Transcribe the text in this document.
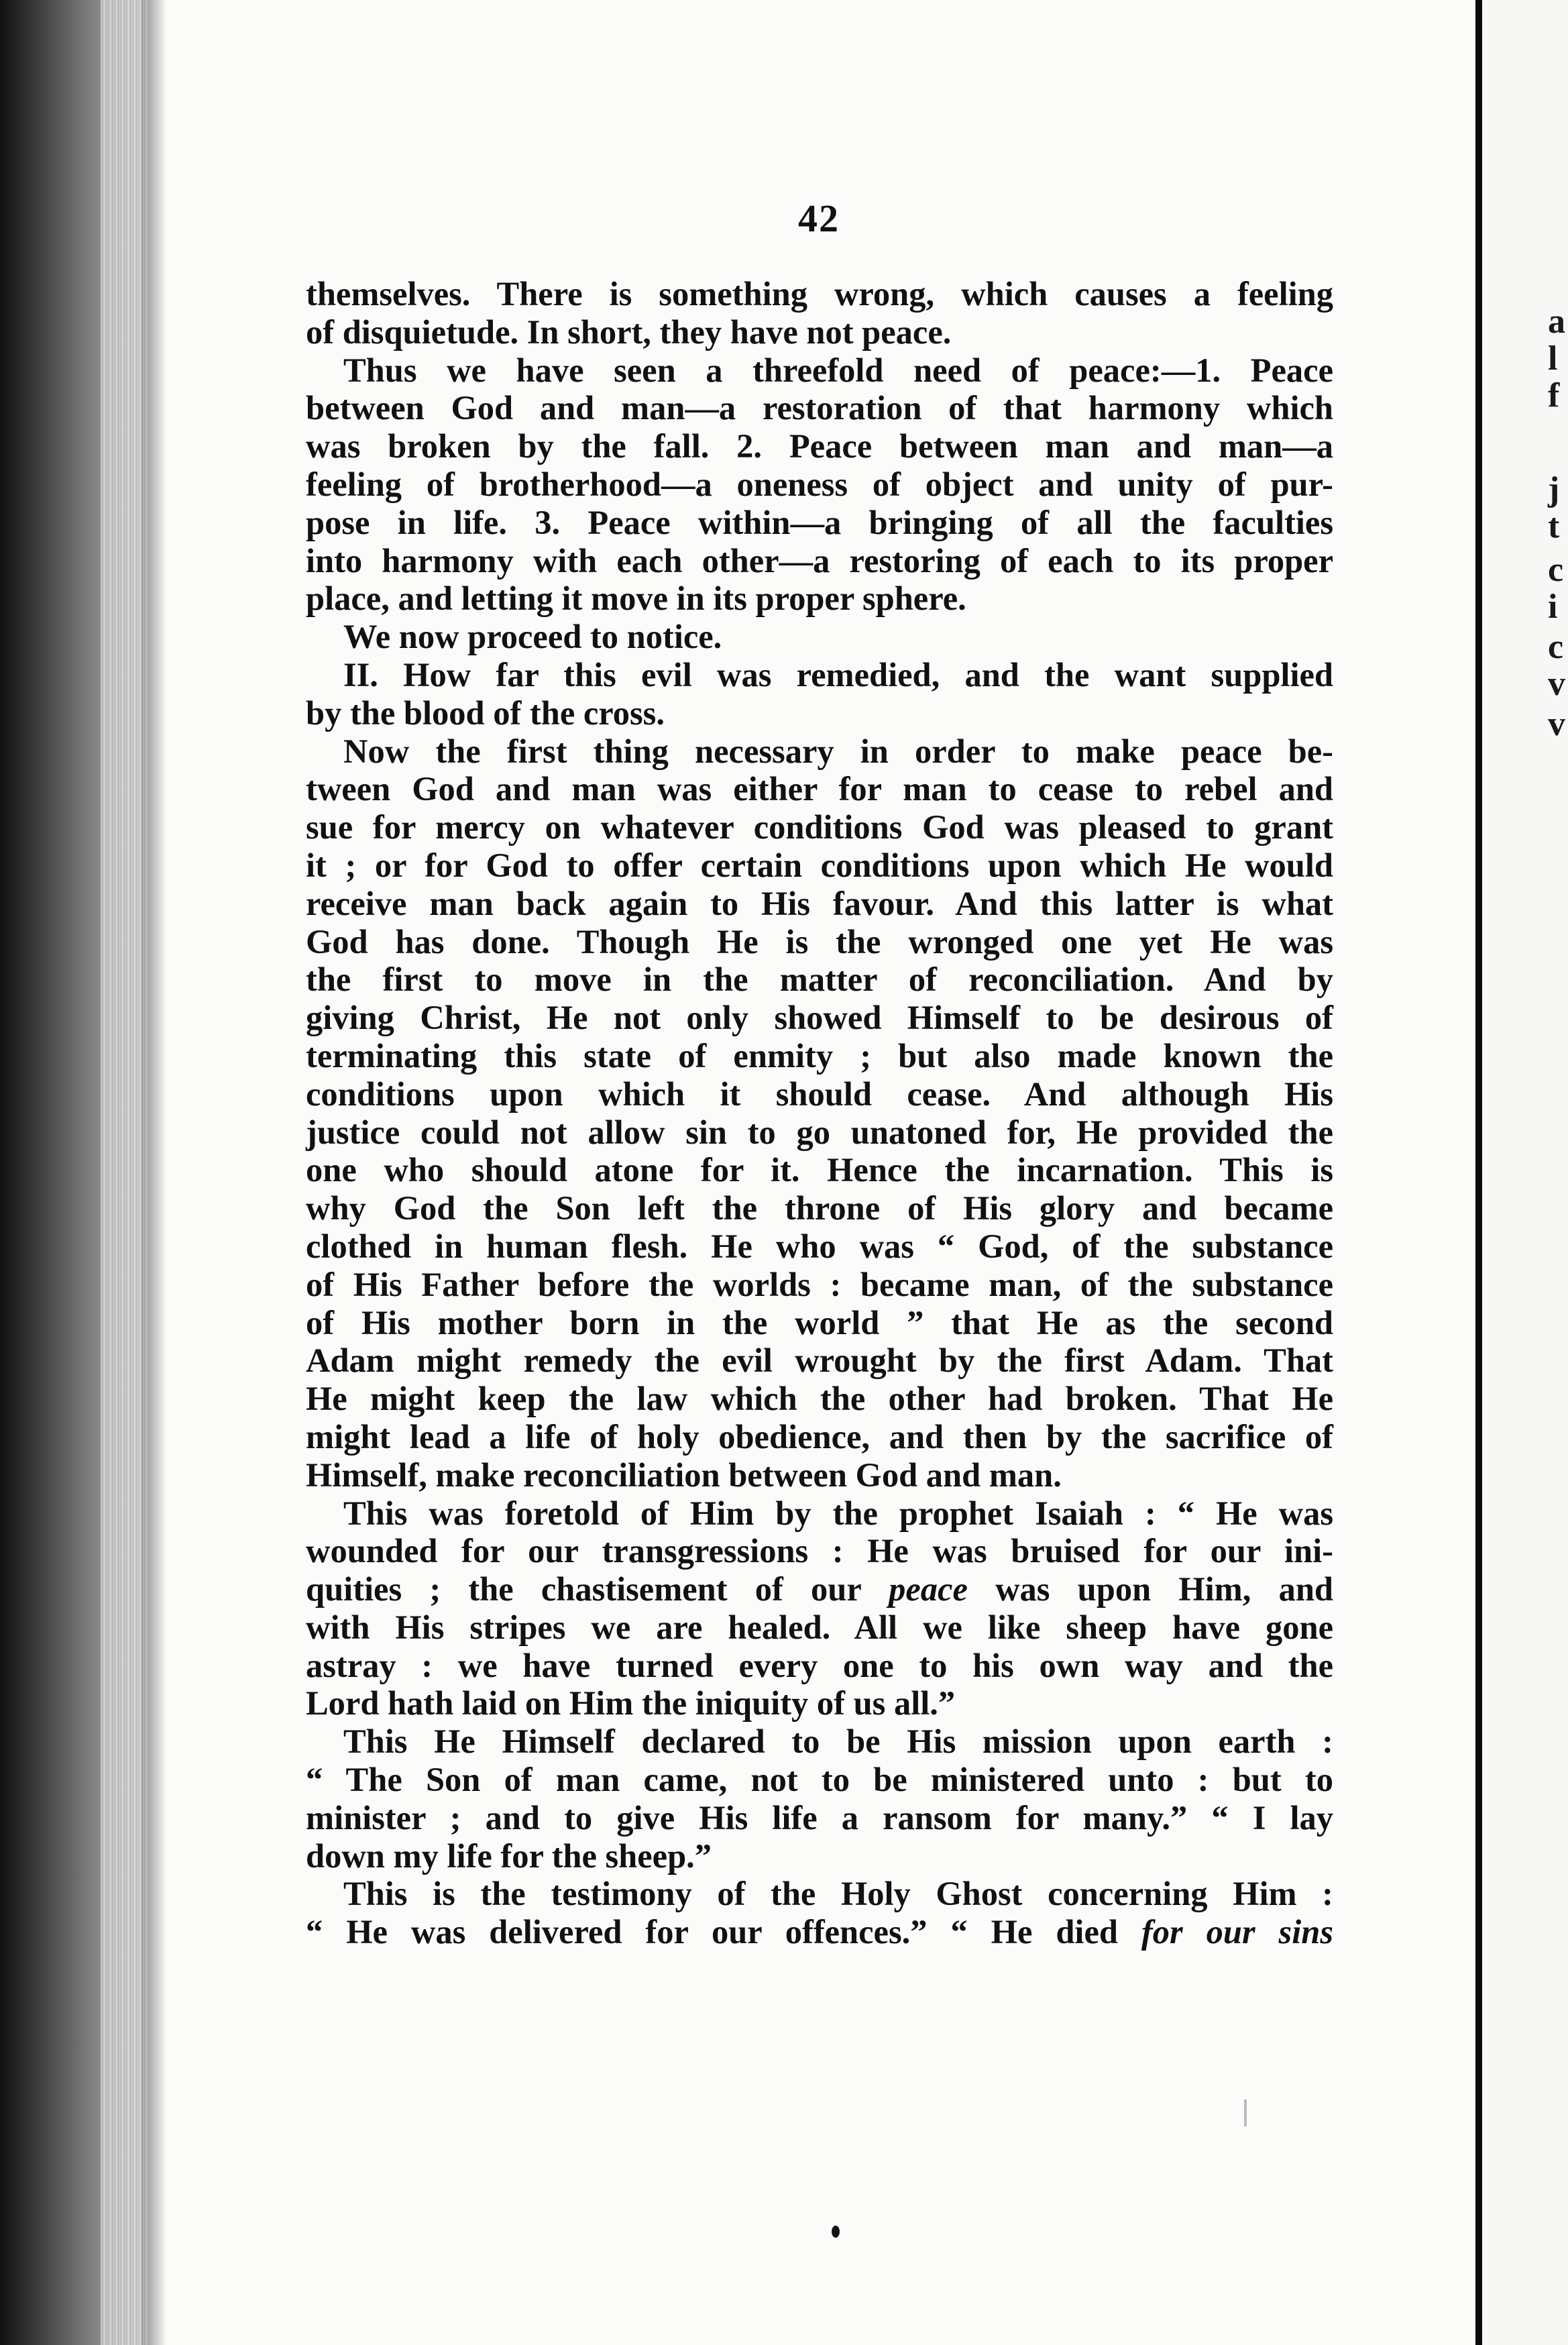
42
themselves. There is something wrong, which causes a feeling
of disquietude. In short, they have not peace.
Thus we have seen a threefold need of peace:—1. Peace
between God and man—a restoration of that harmony which
was broken by the fall. 2. Peace between man and man—a
feeling of brotherhood—a oneness of object and unity of pur-
pose in life. 3. Peace within—a bringing of all the faculties
into harmony with each other—a restoring of each to its proper
place, and letting it move in its proper sphere.
We now proceed to notice.
II. How far this evil was remedied, and the want supplied
by the blood of the cross.
Now the first thing necessary in order to make peace be-
tween God and man was either for man to cease to rebel and
sue for mercy on whatever conditions God was pleased to grant
it ; or for God to offer certain conditions upon which He would
receive man back again to His favour. And this latter is what
God has done. Though He is the wronged one yet He was
the first to move in the matter of reconciliation. And by
giving Christ, He not only showed Himself to be desirous of
terminating this state of enmity ; but also made known the
conditions upon which it should cease. And although His
justice could not allow sin to go unatoned for, He provided the
one who should atone for it. Hence the incarnation. This is
why God the Son left the throne of His glory and became
clothed in human flesh. He who was “ God, of the substance
of His Father before the worlds : became man, of the substance
of His mother born in the world ” that He as the second
Adam might remedy the evil wrought by the first Adam. That
He might keep the law which the other had broken. That He
might lead a life of holy obedience, and then by the sacrifice of
Himself, make reconciliation between God and man.
This was foretold of Him by the prophet Isaiah : “ He was
wounded for our transgressions : He was bruised for our ini-
quities ; the chastisement of our peace was upon Him, and
with His stripes we are healed. All we like sheep have gone
astray : we have turned every one to his own way and the
Lord hath laid on Him the iniquity of us all.”
This He Himself declared to be His mission upon earth :
“ The Son of man came, not to be ministered unto : but to
minister ; and to give His life a ransom for many.” “ I lay
down my life for the sheep.”
This is the testimony of the Holy Ghost concerning Him :
“ He was delivered for our offences.” “ He died for our sins
a
l
f
j
t
c
i
c
v
v
